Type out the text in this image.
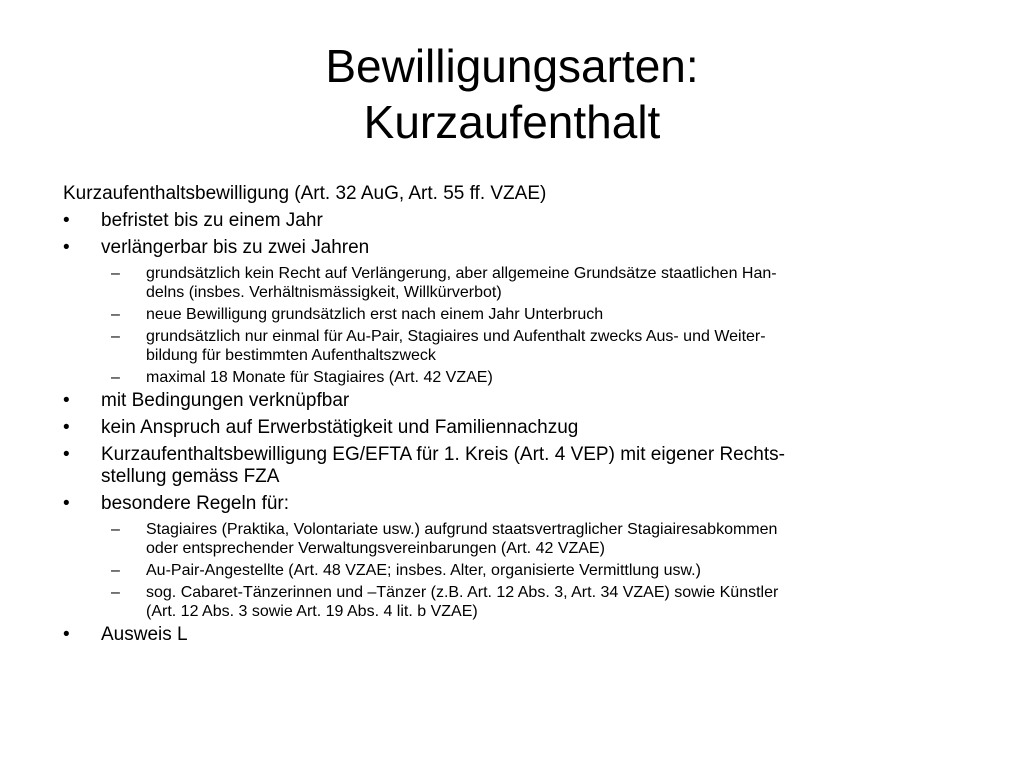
Bewilligungsarten:
Kurzaufenthalt
Kurzaufenthaltsbewilligung (Art. 32 AuG, Art. 55 ff. VZAE)
•	befristet bis zu einem Jahr
•	verlängerbar bis zu zwei Jahren
–	grundsätzlich kein Recht auf Verlängerung, aber allgemeine Grundsätze staatlichen Han-
delns (insbes. Verhältnismässigkeit, Willkürverbot)
–	neue Bewilligung grundsätzlich erst nach einem Jahr Unterbruch
–	grundsätzlich nur einmal für Au-Pair, Stagiaires und Aufenthalt zwecks Aus- und Weiter-
bildung für bestimmten Aufenthaltszweck
–	maximal 18 Monate für Stagiaires (Art. 42 VZAE)
•	mit Bedingungen verknüpfbar
•	kein Anspruch auf Erwerbstätigkeit und Familiennachzug
•	Kurzaufenthaltsbewilligung EG/EFTA für 1. Kreis (Art. 4 VEP) mit eigener Rechts-
stellung gemäss FZA
•	besondere Regeln für:
–	Stagiaires (Praktika, Volontariate usw.) aufgrund staatsvertraglicher Stagiairesabkommen
oder entsprechender Verwaltungsvereinbarungen (Art. 42 VZAE)
–	Au-Pair-Angestellte (Art. 48 VZAE; insbes. Alter, organisierte Vermittlung usw.)
–	sog. Cabaret-Tänzerinnen und –Tänzer (z.B. Art. 12 Abs. 3, Art. 34 VZAE) sowie Künstler
(Art. 12 Abs. 3 sowie Art. 19 Abs. 4 lit. b VZAE)
•	Ausweis L
